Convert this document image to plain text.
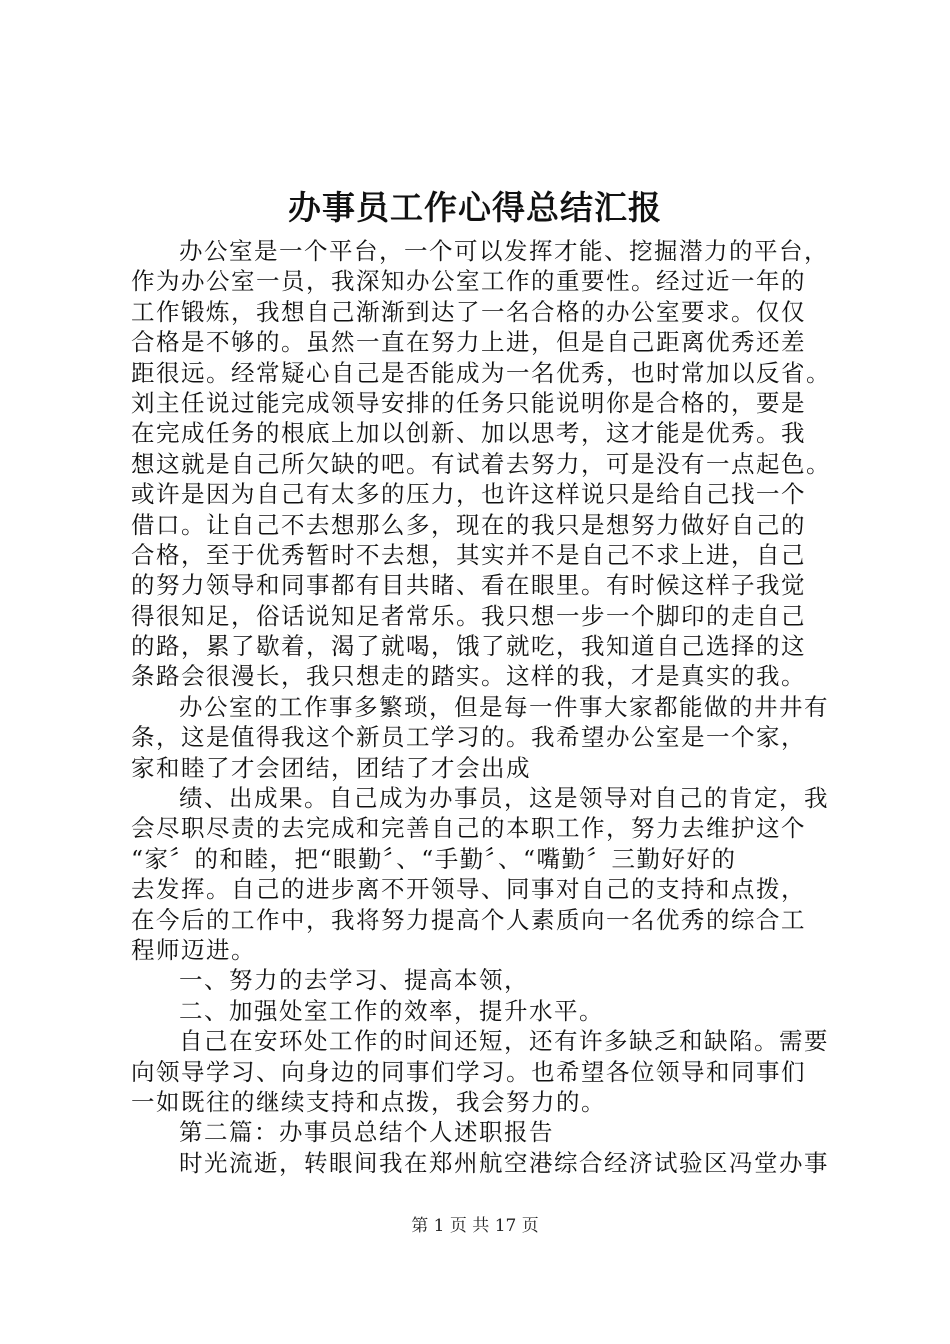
办事员工作心得总结汇报
办公室是一个平台，一个可以发挥才能、挖掘潜力的平台，
作为办公室一员，我深知办公室工作的重要性。经过近一年的
工作锻炼，我想自己渐渐到达了一名合格的办公室要求。仅仅
合格是不够的。虽然一直在努力上进，但是自己距离优秀还差
距很远。经常疑心自己是否能成为一名优秀，也时常加以反省。
刘主任说过能完成领导安排的任务只能说明你是合格的，要是
在完成任务的根底上加以创新、加以思考，这才能是优秀。我
想这就是自己所欠缺的吧。有试着去努力，可是没有一点起色。
或许是因为自己有太多的压力，也许这样说只是给自己找一个
借口。让自己不去想那么多，现在的我只是想努力做好自己的
合格，至于优秀暂时不去想，其实并不是自己不求上进，自己
的努力领导和同事都有目共睹、看在眼里。有时候这样子我觉
得很知足，俗话说知足者常乐。我只想一步一个脚印的走自己
的路，累了歇着，渴了就喝，饿了就吃，我知道自己选择的这
条路会很漫长，我只想走的踏实。这样的我，才是真实的我。
办公室的工作事多繁琐，但是每一件事大家都能做的井井有
条，这是值得我这个新员工学习的。我希望办公室是一个家，
家和睦了才会团结，团结了才会出成
绩、出成果。自己成为办事员，这是领导对自己的肯定，我
会尽职尽责的去完成和完善自己的本职工作，努力去维护这个
“家〞的和睦，把“眼勤〞、“手勤〞、“嘴勤〞三勤好好的
去发挥。自己的进步离不开领导、同事对自己的支持和点拨，
在今后的工作中，我将努力提高个人素质向一名优秀的综合工
程师迈进。
一、努力的去学习、提高本领，
二、加强处室工作的效率，提升水平。
自己在安环处工作的时间还短，还有许多缺乏和缺陷。需要
向领导学习、向身边的同事们学习。也希望各位领导和同事们
一如既往的继续支持和点拨，我会努力的。
第二篇：办事员总结个人述职报告
时光流逝，转眼间我在郑州航空港综合经济试验区冯堂办事
第 1 页 共 17 页
